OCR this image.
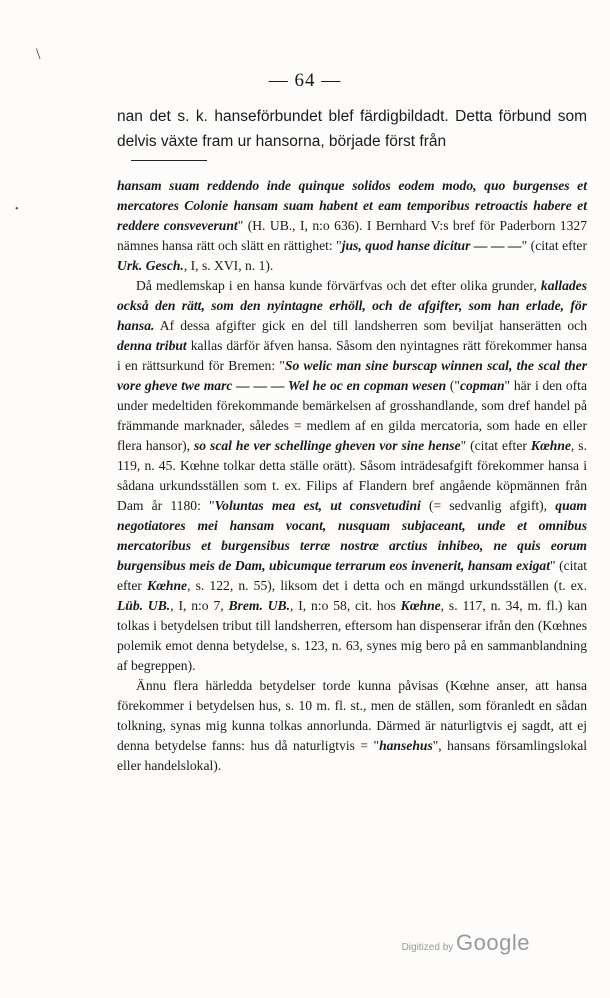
\
•
— 64 —
nan det s. k. hanseförbundet blef färdigbildadt. Detta förbund som delvis växte fram ur hansorna, började först från

hansam suam reddendo inde quinque solidos eodem modo, quo burgenses et mercatores Colonie hansam suam habent et eam temporibus retroactis habere et reddere consveverunt" (H. UB., I, n:o 636). I Bernhard V:s bref för Paderborn 1327 nämnes hansa rätt och slätt en rättighet: "jus, quod hanse dicitur — — —" (citat efter Urk. Gesch., I, s. XVI, n. 1).

Då medlemskap i en hansa kunde förvärfvas och det efter olika grunder, kallades också den rätt, som den nyintagne erhöll, och de afgifter, som han erlade, för hansa. Af dessa afgifter gick en del till landsherren som beviljat hanserätten och denna tribut kallas därför äfven hansa. Såsom den nyintagnes rätt förekommer hansa i en rättsurkund för Bremen: "So welic man sine burscap winnen scal, the scal ther vore gheve twe marc — — — Wel he oc en copman wesen ("copman" här i den ofta under medeltiden förekommande bemärkelsen af grosshandlande, som dref handel på främmande marknader, således = medlem af en gilda mercatoria, som hade en eller flera hansor), so scal he ver schellinge gheven vor sine hense" (citat efter Kœhne, s. 119, n. 45. Kœhne tolkar detta ställe orätt). Såsom inträdesafgift förekommer hansa i sådana urkundsställen som t. ex. Filips af Flandern bref angående köpmännen från Dam år 1180: "Voluntas mea est, ut consvetudini (= sedvanlig afgift), quam negotiatores mei hansam vocant, nusquam subjaceant, unde et omnibus mercatoribus et burgensibus terræ nostræ arctius inhibeo, ne quis eorum burgensibus meis de Dam, ubicumque terrarum eos invenerit, hansam exigat" (citat efter Kœhne, s. 122, n. 55), liksom det i detta och en mängd urkundsställen (t. ex. Lüb. UB., I, n:o 7, Brem. UB., I, n:o 58, cit. hos Kœhne, s. 117, n. 34, m. fl.) kan tolkas i betydelsen tribut till landsherren, eftersom han dispenserar ifrån den (Kœhnes polemik emot denna betydelse, s. 123, n. 63, synes mig bero på en sammanblandning af begreppen).

Ännu flera härledda betydelser torde kunna påvisas (Kœhne anser, att hansa förekommer i betydelsen hus, s. 10 m. fl. st., men de ställen, som föranledt en sådan tolkning, synas mig kunna tolkas annorlunda. Därmed är naturligtvis ej sagdt, att ej denna betydelse fanns: hus då naturligtvis = "hansehus", hansans församlingslokal eller handelslokal).

Digitized by Google
